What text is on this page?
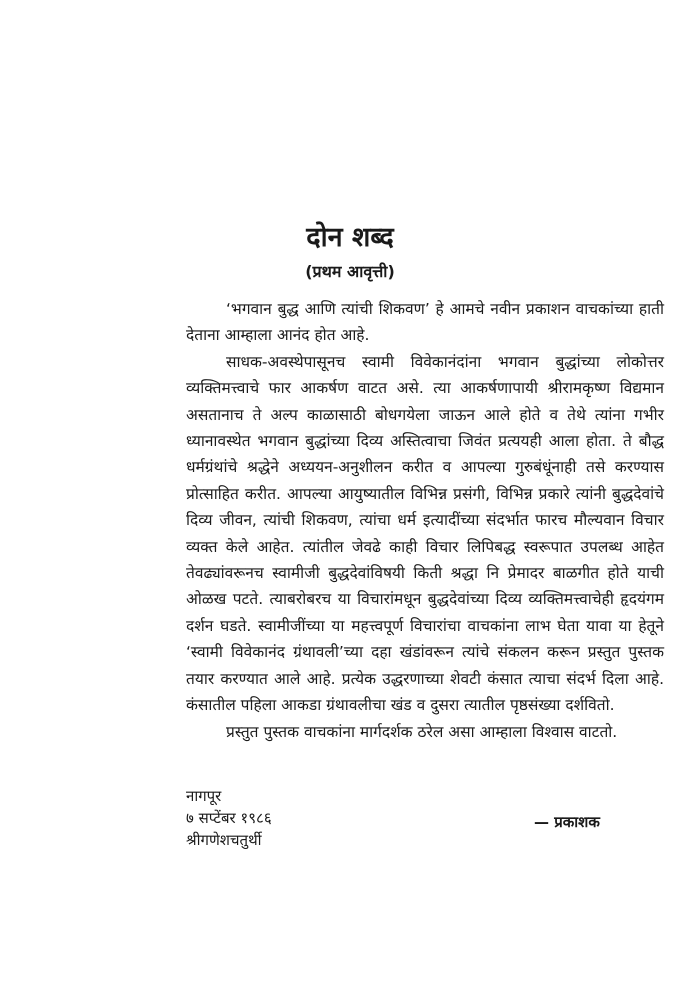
दोन शब्द
(प्रथम आवृत्ती)

‘भगवान बुद्ध आणि त्यांची शिकवण’ हे आमचे नवीन प्रकाशन वाचकांच्या हाती देताना आम्हाला आनंद होत आहे.

साधक-अवस्थेपासूनच स्वामी विवेकानंदांना भगवान बुद्धांच्या लोकोत्तर व्यक्तिमत्त्वाचे फार आकर्षण वाटत असे. त्या आकर्षणापायी श्रीरामकृष्ण विद्यमान असतानाच ते अल्प काळासाठी बोधगयेला जाऊन आले होते व तेथे त्यांना गभीर ध्यानावस्थेत भगवान बुद्धांच्या दिव्य अस्तित्वाचा जिवंत प्रत्ययही आला होता. ते बौद्ध धर्मग्रंथांचे श्रद्धेने अध्ययन-अनुशीलन करीत व आपल्या गुरुबंधूंनाही तसे करण्यास प्रोत्साहित करीत. आपल्या आयुष्यातील विभिन्न प्रसंगी, विभिन्न प्रकारे त्यांनी बुद्धदेवांचे दिव्य जीवन, त्यांची शिकवण, त्यांचा धर्म इत्यादींच्या संदर्भात फारच मौल्यवान विचार व्यक्त केले आहेत. त्यांतील जेवढे काही विचार लिपिबद्ध स्वरूपात उपलब्ध आहेत तेवढ्यांवरूनच स्वामीजी बुद्धदेवांविषयी किती श्रद्धा नि प्रेमादर बाळगीत होते याची ओळख पटते. त्याबरोबरच या विचारांमधून बुद्धदेवांच्या दिव्य व्यक्तिमत्त्वाचेही हृदयंगम दर्शन घडते. स्वामीजींच्या या महत्त्वपूर्ण विचारांचा वाचकांना लाभ घेता यावा या हेतूने ‘स्वामी विवेकानंद ग्रंथावली’च्या दहा खंडांवरून त्यांचे संकलन करून प्रस्तुत पुस्तक तयार करण्यात आले आहे. प्रत्येक उद्धरणाच्या शेवटी कंसात त्याचा संदर्भ दिला आहे. कंसातील पहिला आकडा ग्रंथावलीचा खंड व दुसरा त्यातील पृष्ठसंख्या दर्शवितो.

प्रस्तुत पुस्तक वाचकांना मार्गदर्शक ठरेल असा आम्हाला विश्वास वाटतो.

नागपूर
७ सप्टेंबर १९८६
श्रीगणेशचतुर्थी
— प्रकाशक
